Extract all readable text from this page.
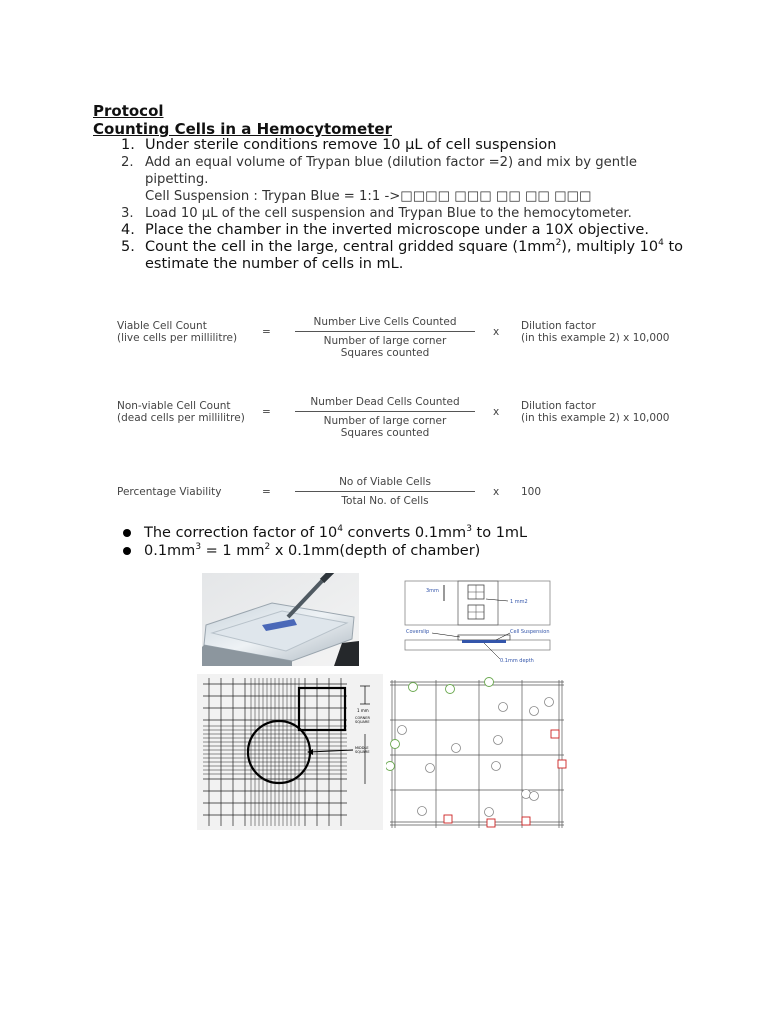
Protocol
Counting Cells in a Hemocytometer
1. Under sterile conditions remove 10 µL of cell suspension
2. Add an equal volume of Trypan blue (dilution factor =2) and mix by gentle pipetting.
Cell Suspension : Trypan Blue = 1:1 ->□□□□ □□□ □□ □□ □□□
3. Load 10 µL of the cell suspension and Trypan Blue to the hemocytometer.
4. Place the chamber in the inverted microscope under a 10X objective.
5. Count the cell in the large, central gridded square $(1mm^2)$, multiply $10^4$ to estimate the number of cells in mL.
Viable Cell Count
(live cells per millilitre) =
Number Live Cells Counted
Number of large corner
Squares counted
x Dilution factor
(in this example 2) x 10,000
Non-viable Cell Count
(dead cells per millilitre) =
Number Dead Cells Counted
Number of large corner
Squares counted
x Dilution factor
(in this example 2) x 10,000
Percentage Viability	=
No of Viable Cells
Total No. of Cells
x 100
The correction factor of $10^4$ converts $0.1mm^3$ to 1mL
$0.1mm^3 = 1$ $mm^2$ x 0.1mm(depth of chamber)
3mm
1 mm2
Coverslip	Cell Suspension
0.1mm depth
1 mm
CORNER
SQUARE
MIDDLE
SQUARE
